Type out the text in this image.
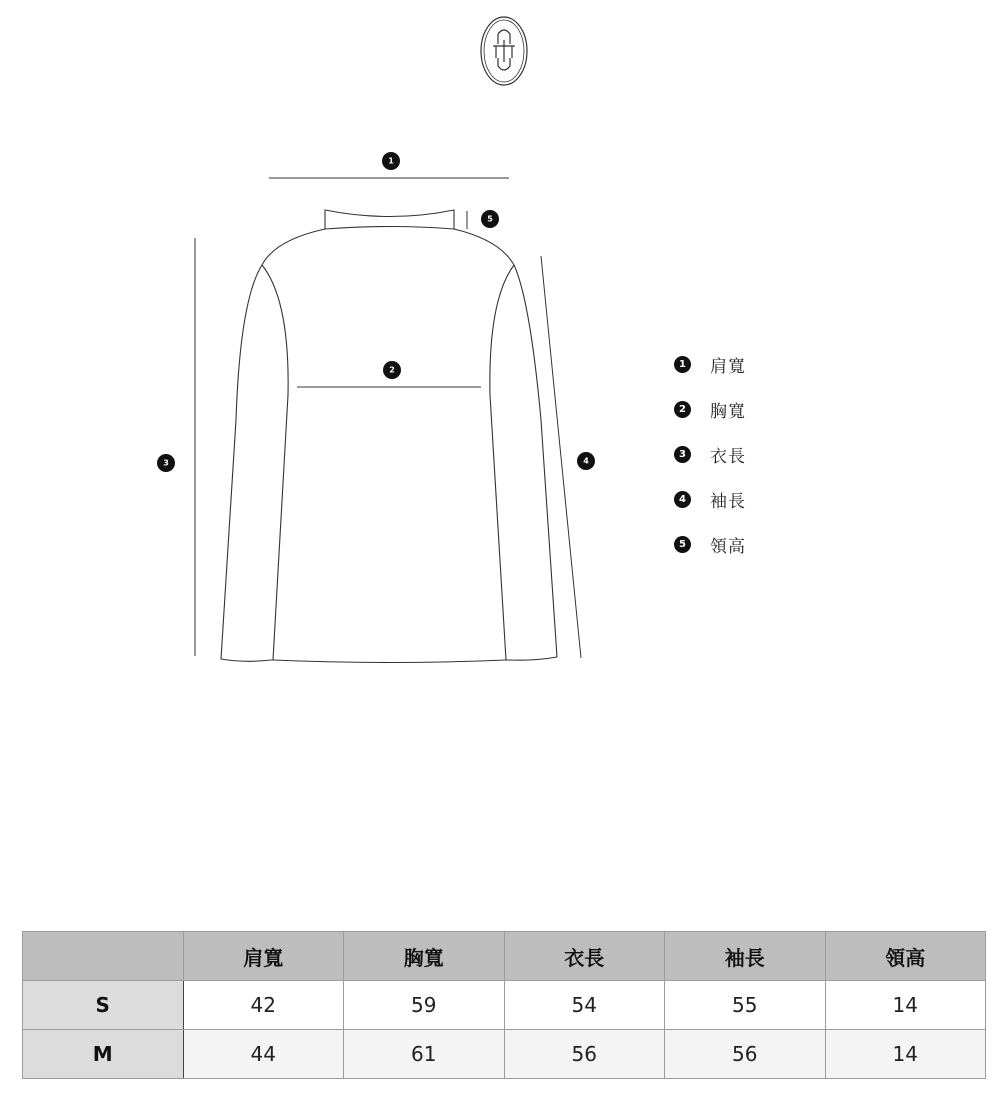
1
5
2
3	4
1 肩寬
2 胸寬
3 衣長
4 袖長
5 領高
	肩寬	胸寬	衣長	袖長	領高
S	42	59	54	55	14
M	44	61	56	56	14
